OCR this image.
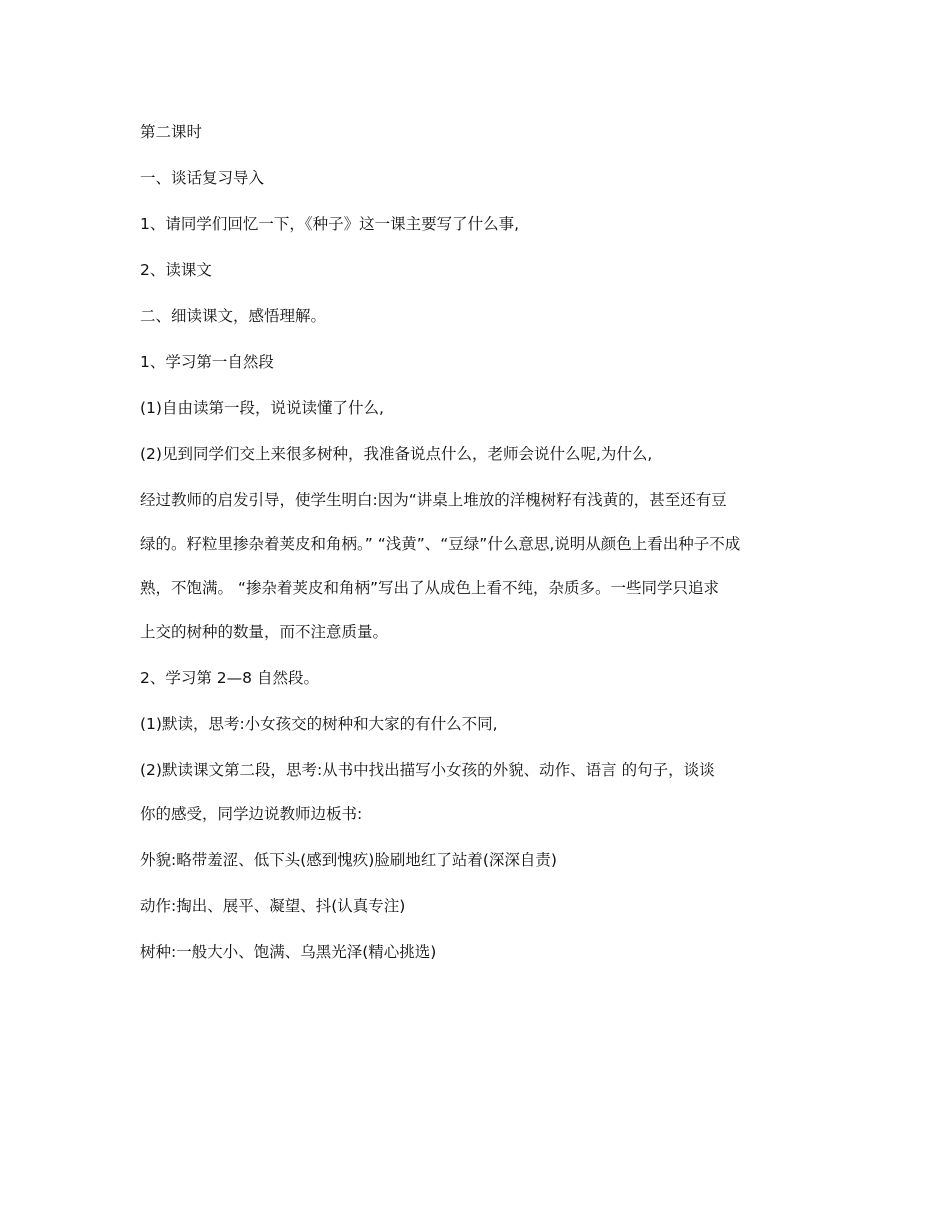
第二课时

一、谈话复习导入

1、请同学们回忆一下，《种子》这一课主要写了什么事,

2、读课文

二、细读课文，感悟理解。

1、学习第一自然段

(1)自由读第一段，说说读懂了什么,

(2)见到同学们交上来很多树种，我准备说点什么，老师会说什么呢,为什么,

经过教师的启发引导，使学生明白:因为“讲桌上堆放的洋槐树籽有浅黄的，甚至还有豆

绿的。籽粒里掺杂着荚皮和角柄。” “浅黄”、“豆绿”什么意思,说明从颜色上看出种子不成

熟，不饱满。 “掺杂着荚皮和角柄”写出了从成色上看不纯，杂质多。一些同学只追求

上交的树种的数量，而不注意质量。

2、学习第 2—8 自然段。

(1)默读，思考:小女孩交的树种和大家的有什么不同,

(2)默读课文第二段，思考:从书中找出描写小女孩的外貌、动作、语言 的句子，谈谈

你的感受，同学边说教师边板书:

外貌:略带羞涩、低下头(感到愧疚)脸刷地红了站着(深深自责)

动作:掏出、展平、凝望、抖(认真专注)

树种:一般大小、饱满、乌黑光泽(精心挑选)
